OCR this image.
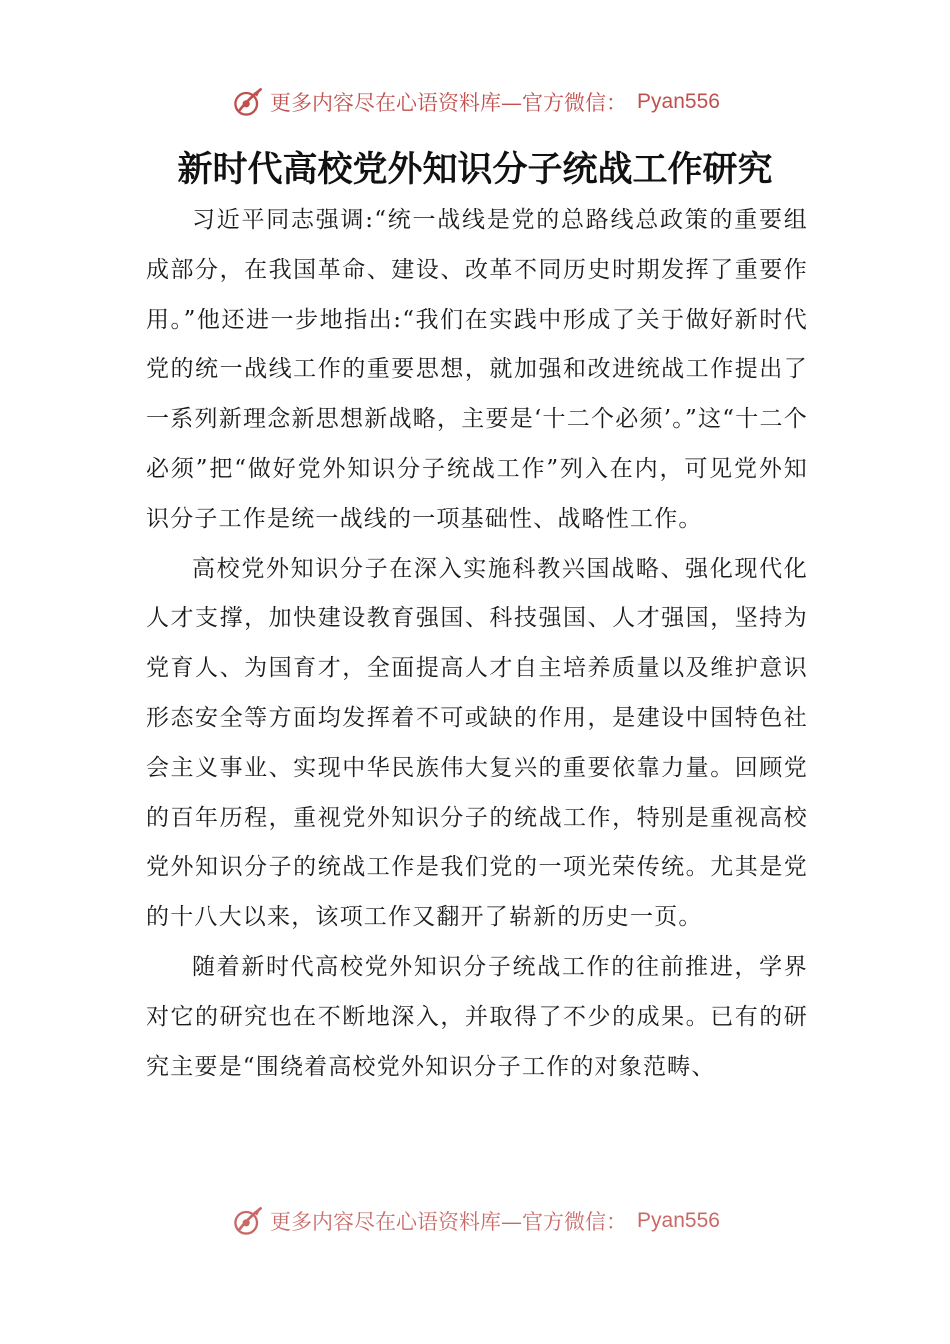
更多内容尽在心语资料库—官方微信： Pyan556
新时代高校党外知识分子统战工作研究

习近平同志强调:“统一战线是党的总路线总政策的重要组成部分，在我国革命、建设、改革不同历史时期发挥了重要作用。”他还进一步地指出:“我们在实践中形成了关于做好新时代党的统一战线工作的重要思想，就加强和改进统战工作提出了一系列新理念新思想新战略，主要是‘十二个必须’。”这“十二个必须”把“做好党外知识分子统战工作”列入在内，可见党外知识分子工作是统一战线的一项基础性、战略性工作。

高校党外知识分子在深入实施科教兴国战略、强化现代化人才支撑，加快建设教育强国、科技强国、人才强国，坚持为党育人、为国育才，全面提高人才自主培养质量以及维护意识形态安全等方面均发挥着不可或缺的作用，是建设中国特色社会主义事业、实现中华民族伟大复兴的重要依靠力量。回顾党的百年历程，重视党外知识分子的统战工作，特别是重视高校党外知识分子的统战工作是我们党的一项光荣传统。尤其是党的十八大以来，该项工作又翻开了崭新的历史一页。

随着新时代高校党外知识分子统战工作的往前推进，学界对它的研究也在不断地深入，并取得了不少的成果。已有的研究主要是“围绕着高校党外知识分子工作的对象范畴、

更多内容尽在心语资料库—官方微信： Pyan556
